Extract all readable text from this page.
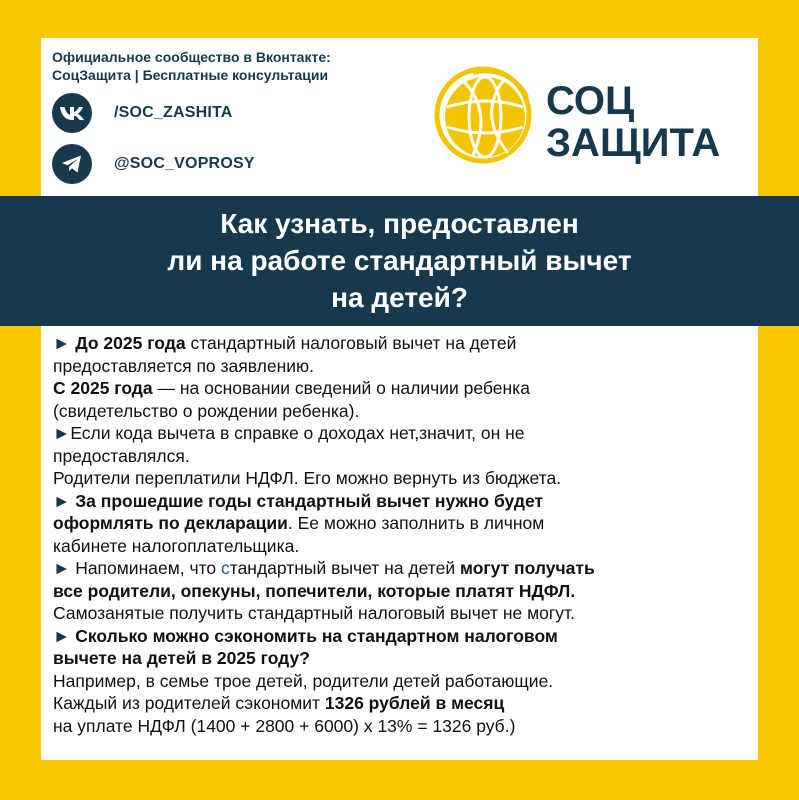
Официальное сообщество в Вконтакте:
СоцЗащита | Бесплатные консультации
/SOC_ZASHITA
@SOC_VOPROSY
СОЦ
ЗАЩИТА
Как узнать, предоставлен
ли на работе стандартный вычет
на детей?
► До 2025 года стандартный налоговый вычет на детей
предоставляется по заявлению.
С 2025 года — на основании сведений о наличии ребенка
(свидетельство о рождении ребенка).
►Если кода вычета в справке о доходах нет,значит, он не
предоставлялся.
Родители переплатили НДФЛ. Его можно вернуть из бюджета.
► За прошедшие годы стандартный вычет нужно будет
оформлять по декларации. Ее можно заполнить в личном
кабинете налогоплательщика.
► Напоминаем, что стандартный вычет на детей могут получать
все родители, опекуны, попечители, которые платят НДФЛ.
Самозанятые получить стандартный налоговый вычет не могут.
► Сколько можно сэкономить на стандартном налоговом
вычете на детей в 2025 году?
Например, в семье трое детей, родители детей работающие.
Каждый из родителей сэкономит 1326 рублей в месяц
на уплате НДФЛ (1400 + 2800 + 6000) х 13% = 1326 руб.)
